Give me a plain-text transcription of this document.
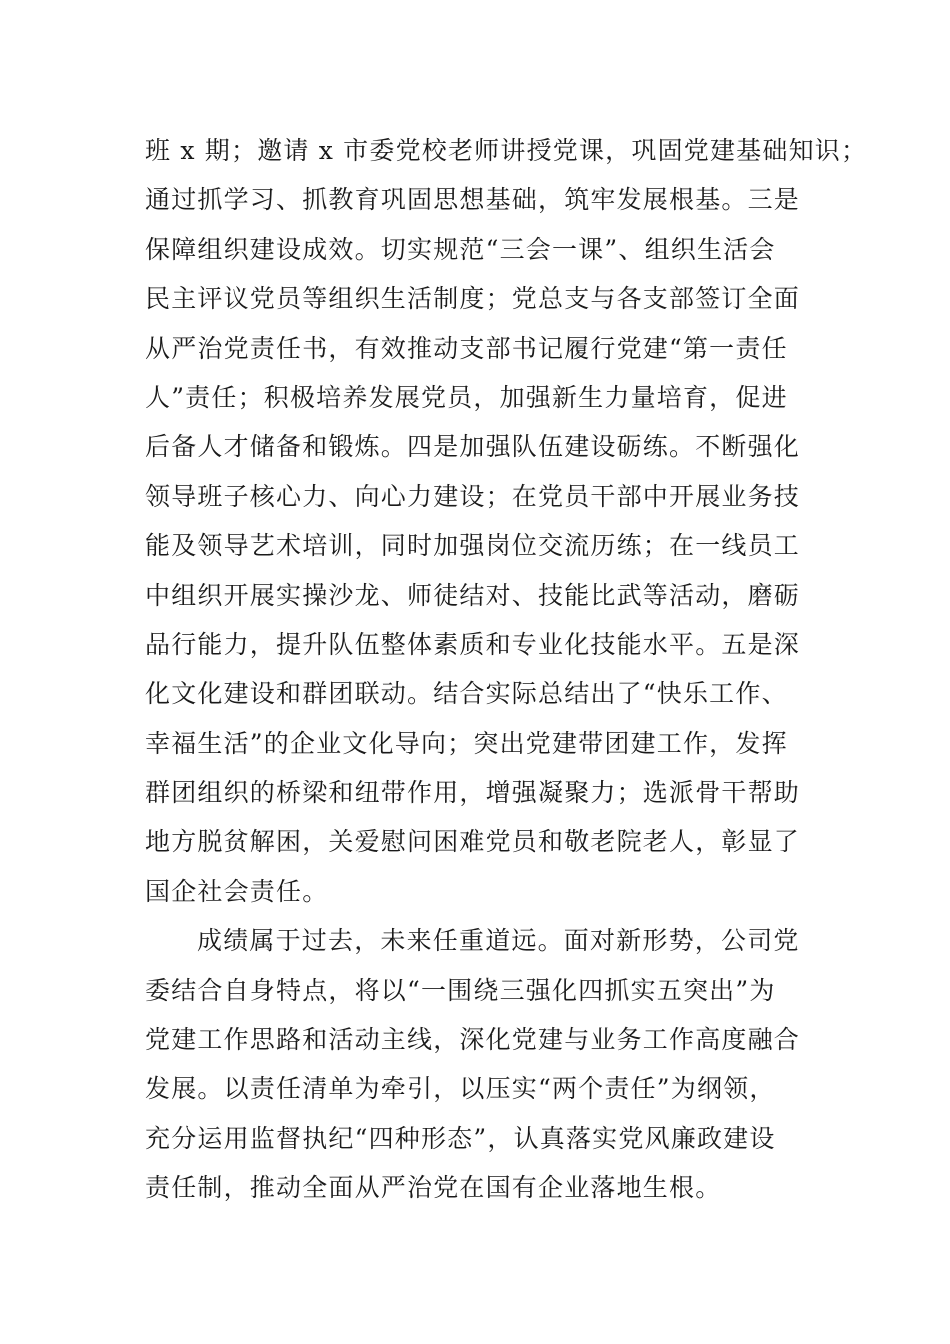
班 x 期；邀请 x 市委党校老师讲授党课，巩固党建基础知识；
通过抓学习、抓教育巩固思想基础，筑牢发展根基。三是
保障组织建设成效。切实规范“三会一课”、组织生活会
民主评议党员等组织生活制度；党总支与各支部签订全面
从严治党责任书，有效推动支部书记履行党建“第一责任
人”责任；积极培养发展党员，加强新生力量培育，促进
后备人才储备和锻炼。四是加强队伍建设砺练。不断强化
领导班子核心力、向心力建设；在党员干部中开展业务技
能及领导艺术培训，同时加强岗位交流历练；在一线员工
中组织开展实操沙龙、师徒结对、技能比武等活动，磨砺
品行能力，提升队伍整体素质和专业化技能水平。五是深
化文化建设和群团联动。结合实际总结出了“快乐工作、
幸福生活”的企业文化导向；突出党建带团建工作，发挥
群团组织的桥梁和纽带作用，增强凝聚力；选派骨干帮助
地方脱贫解困，关爱慰问困难党员和敬老院老人，彰显了
国企社会责任。
成绩属于过去，未来任重道远。面对新形势，公司党
委结合自身特点，将以“一围绕三强化四抓实五突出”为
党建工作思路和活动主线，深化党建与业务工作高度融合
发展。以责任清单为牵引，以压实“两个责任”为纲领，
充分运用监督执纪“四种形态”，认真落实党风廉政建设
责任制，推动全面从严治党在国有企业落地生根。
